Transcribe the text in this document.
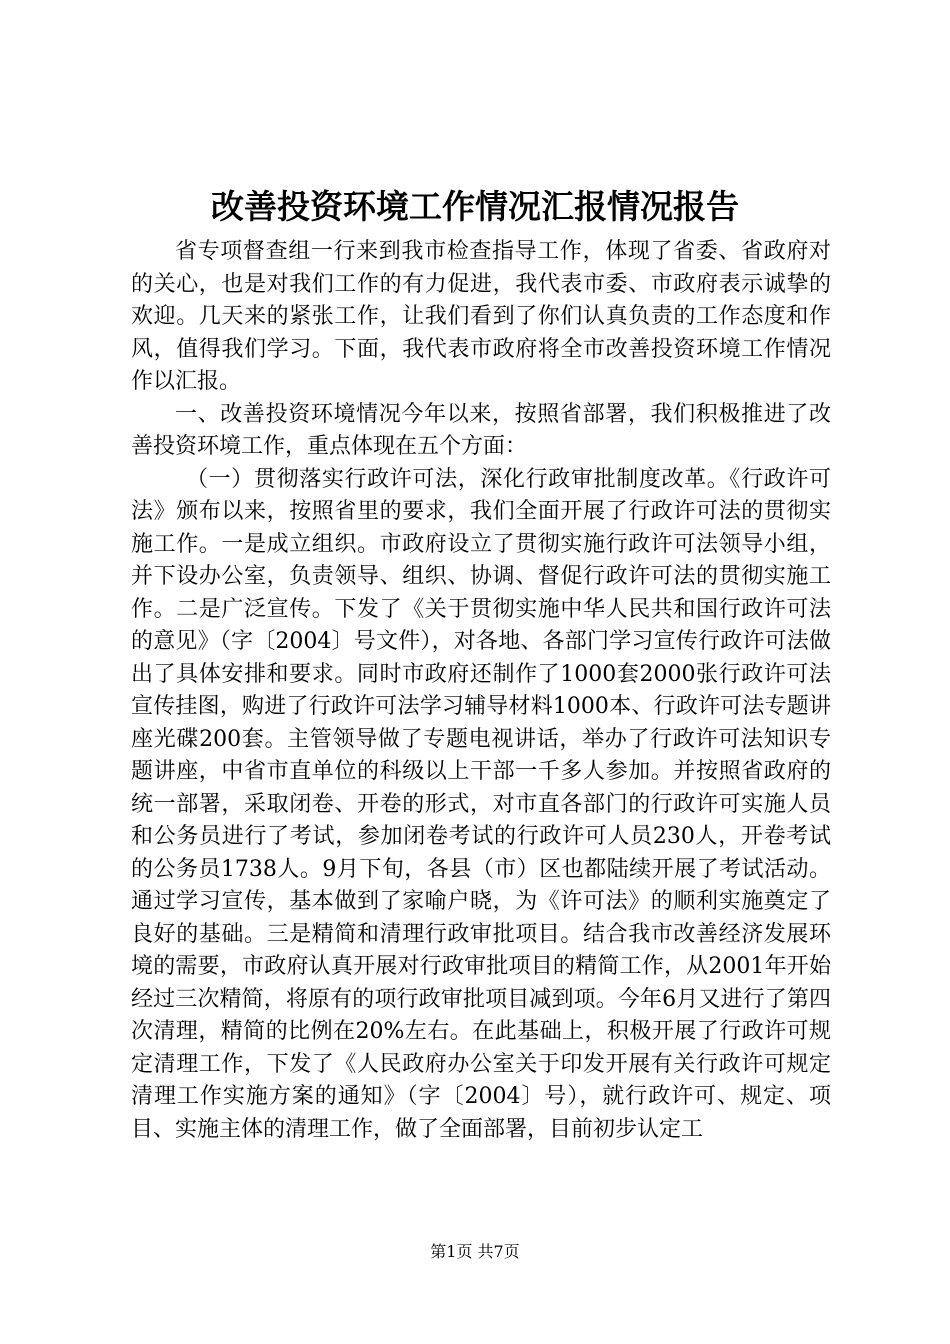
改善投资环境工作情况汇报情况报告

省专项督查组一行来到我市检查指导工作，体现了省委、省政府对的关心，也是对我们工作的有力促进，我代表市委、市政府表示诚挚的欢迎。几天来的紧张工作，让我们看到了你们认真负责的工作态度和作风，值得我们学习。下面，我代表市政府将全市改善投资环境工作情况作以汇报。

一、改善投资环境情况今年以来，按照省部署，我们积极推进了改善投资环境工作，重点体现在五个方面：

（一）贯彻落实行政许可法，深化行政审批制度改革。《行政许可法》颁布以来，按照省里的要求，我们全面开展了行政许可法的贯彻实施工作。一是成立组织。市政府设立了贯彻实施行政许可法领导小组，并下设办公室，负责领导、组织、协调、督促行政许可法的贯彻实施工作。二是广泛宣传。下发了《关于贯彻实施中华人民共和国行政许可法的意见》（字〔2004〕号文件），对各地、各部门学习宣传行政许可法做出了具体安排和要求。同时市政府还制作了1000套2000张行政许可法宣传挂图，购进了行政许可法学习辅导材料1000本、行政许可法专题讲座光碟200套。主管领导做了专题电视讲话，举办了行政许可法知识专题讲座，中省市直单位的科级以上干部一千多人参加。并按照省政府的统一部署，采取闭卷、开卷的形式，对市直各部门的行政许可实施人员和公务员进行了考试，参加闭卷考试的行政许可人员230人，开卷考试的公务员1738人。9月下旬，各县（市）区也都陆续开展了考试活动。通过学习宣传，基本做到了家喻户晓，为《许可法》的顺利实施奠定了良好的基础。三是精简和清理行政审批项目。结合我市改善经济发展环境的需要，市政府认真开展对行政审批项目的精简工作，从2001年开始经过三次精简，将原有的项行政审批项目减到项。今年6月又进行了第四次清理，精简的比例在20%左右。在此基础上，积极开展了行政许可规定清理工作，下发了《人民政府办公室关于印发开展有关行政许可规定清理工作实施方案的通知》（字〔2004〕号），就行政许可、规定、项目、实施主体的清理工作，做了全面部署，目前初步认定工

第1页 共7页
